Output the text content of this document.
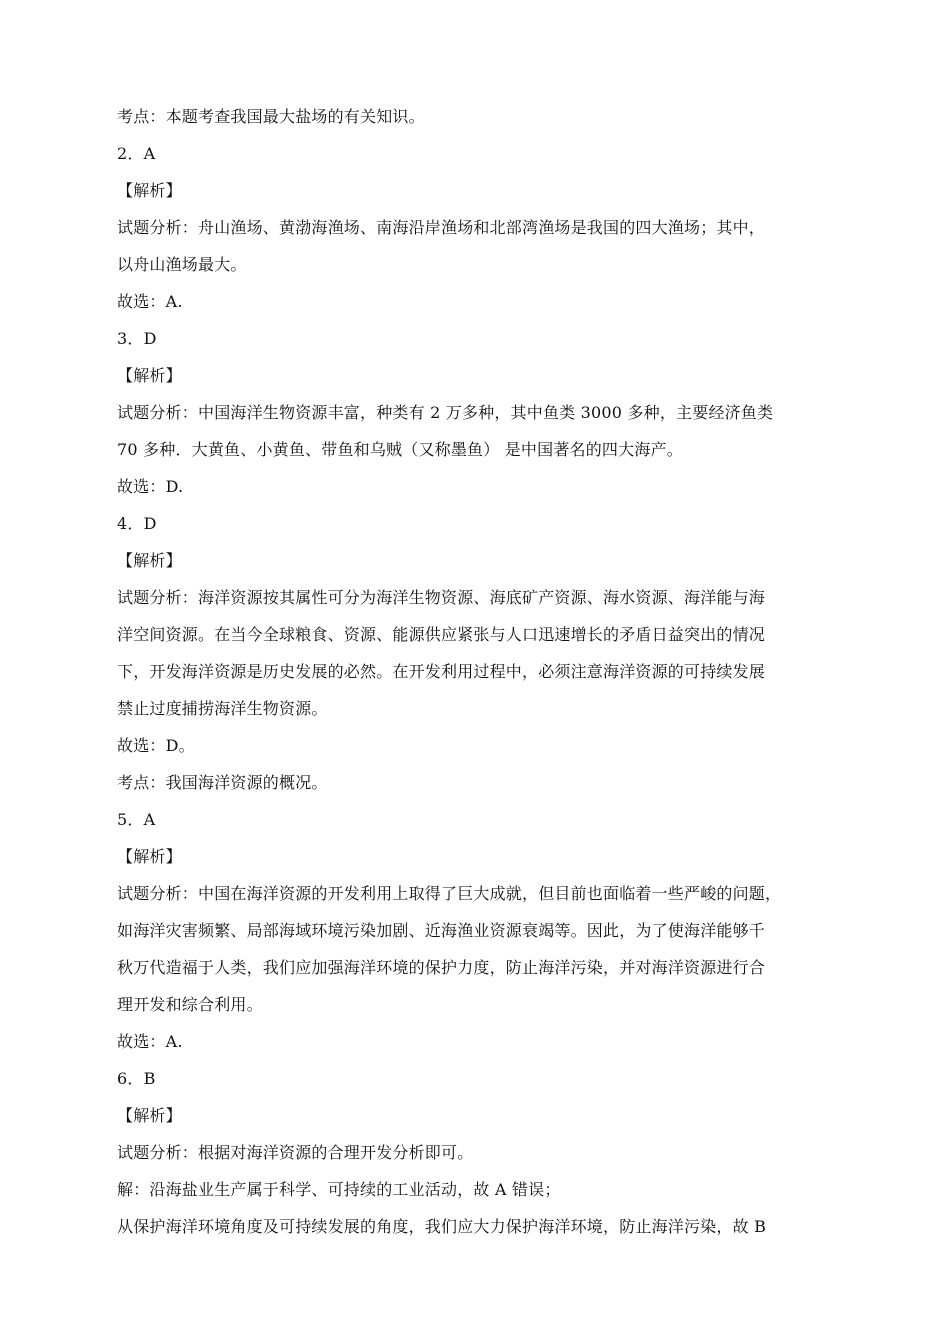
考点：本题考查我国最大盐场的有关知识。
2．A
【解析】
试题分析：舟山渔场、黄渤海渔场、南海沿岸渔场和北部湾渔场是我国的四大渔场；其中，
以舟山渔场最大。
故选：A.
3．D
【解析】
试题分析：中国海洋生物资源丰富，种类有 2 万多种，其中鱼类 3000 多种，主要经济鱼类
70 多种．大黄鱼、小黄鱼、带鱼和乌贼（又称墨鱼） 是中国著名的四大海产。
故选：D.
4．D
【解析】
试题分析：海洋资源按其属性可分为海洋生物资源、海底矿产资源、海水资源、海洋能与海
洋空间资源。在当今全球粮食、资源、能源供应紧张与人口迅速增长的矛盾日益突出的情况
下，开发海洋资源是历史发展的必然。在开发利用过程中，必须注意海洋资源的可持续发展
禁止过度捕捞海洋生物资源。
故选：D。
考点：我国海洋资源的概况。
5．A
【解析】
试题分析：中国在海洋资源的开发利用上取得了巨大成就，但目前也面临着一些严峻的问题，
如海洋灾害频繁、局部海域环境污染加剧、近海渔业资源衰竭等。因此，为了使海洋能够千
秋万代造福于人类，我们应加强海洋环境的保护力度，防止海洋污染，并对海洋资源进行合
理开发和综合利用。
故选：A.
6．B
【解析】
试题分析：根据对海洋资源的合理开发分析即可。
解：沿海盐业生产属于科学、可持续的工业活动，故 A 错误；
从保护海洋环境角度及可持续发展的角度，我们应大力保护海洋环境，防止海洋污染，故 B
